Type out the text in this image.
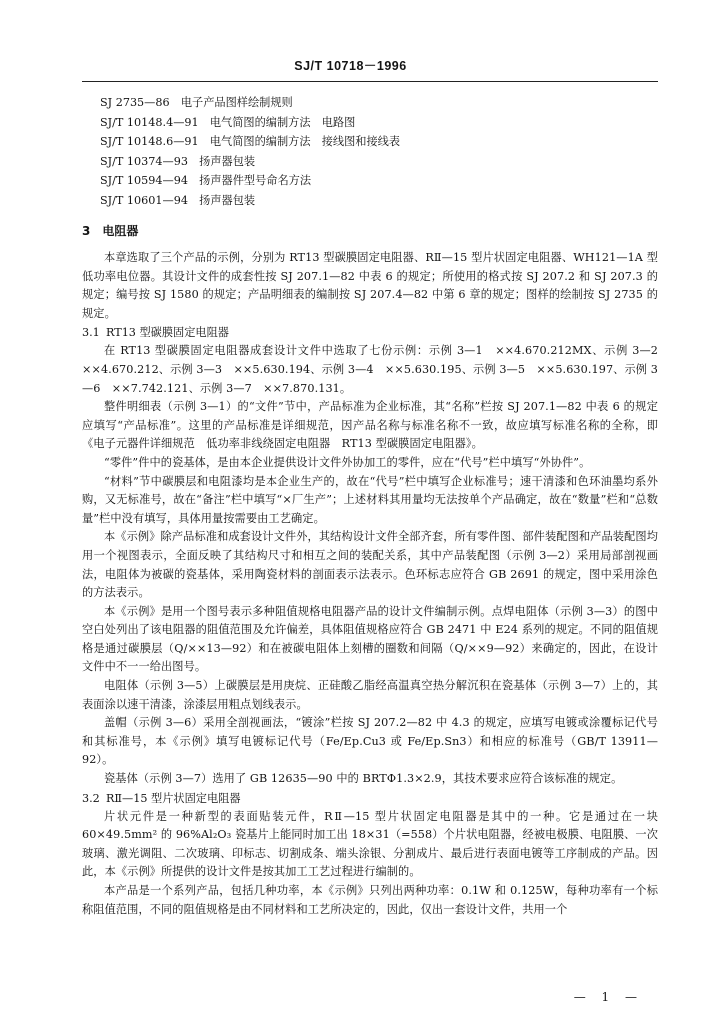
SJ/T 10718－1996
SJ 2735—86　 电子产品图样绘制规则
SJ/T 10148.4—91　 电气简图的编制方法　电路图
SJ/T 10148.6—91　 电气简图的编制方法　接线图和接线表
SJ/T 10374—93　 扬声器包装
SJ/T 10594—94　 扬声器件型号命名方法
SJ/T 10601—94　 扬声器包装
3　 电阻器

本章选取了三个产品的示例，分别为 RT13 型碳膜固定电阻器、RⅡ—15 型片状固定电阻器、WH121—1A 型低功率电位器。其设计文件的成套性按 SJ 207.1—82 中表 6 的规定；所使用的格式按 SJ 207.2 和 SJ 207.3 的规定；编号按 SJ 1580 的规定；产品明细表的编制按 SJ 207.4—82 中第 6 章的规定；图样的绘制按 SJ 2735 的规定。

3.1 RT13 型碳膜固定电阻器

在 RT13 型碳膜固定电阻器成套设计文件中选取了七份示例：示例 3—1　××4.670.212MX、示例 3—2　××4.670.212、示例 3—3　××5.630.194、示例 3—4　××5.630.195、示例 3—5　××5.630.197、示例 3—6　××7.742.121、示例 3—7　××7.870.131。

整件明细表（示例 3—1）的“文件”节中，产品标准为企业标准，其“名称”栏按 SJ 207.1—82 中表 6 的规定应填写“产品标准”。这里的产品标准是详细规范，因产品名称与标准名称不一致，故应填写标准名称的全称，即《电子元器件详细规范　低功率非线绕固定电阻器　RT13 型碳膜固定电阻器》。

“零件”件中的瓷基体，是由本企业提供设计文件外协加工的零件，应在“代号”栏中填写“外协件”。

“材料”节中碳膜层和电阻漆均是本企业生产的，故在“代号”栏中填写企业标准号；速干清漆和色环油墨均系外购，又无标准号，故在“备注”栏中填写“×厂生产”；上述材料其用量均无法按单个产品确定，故在“数量”栏和“总数量”栏中没有填写，具体用量按需要由工艺确定。

本《示例》除产品标准和成套设计文件外，其结构设计文件全部齐套，所有零件图、部件装配图和产品装配图均用一个视图表示，全面反映了其结构尺寸和相互之间的装配关系，其中产品装配图（示例 3—2）采用局部剖视画法，电阻体为被碳的瓷基体，采用陶瓷材料的剖面表示法表示。色环标志应符合 GB 2691 的规定，图中采用涂色的方法表示。

本《示例》是用一个图号表示多种阻值规格电阻器产品的设计文件编制示例。点焊电阻体（示例 3—3）的图中空白处列出了该电阻器的阻值范围及允许偏差，具体阻值规格应符合 GB 2471 中 E24 系列的规定。不同的阻值规格是通过碳膜层（Q/××13—92）和在被碳电阻体上刻槽的圈数和间隔（Q/××9—92）来确定的，因此，在设计文件中不一一给出图号。

电阻体（示例 3—5）上碳膜层是用庚烷、正硅酸乙脂经高温真空热分解沉积在瓷基体（示例 3—7）上的，其表面涂以速干清漆，涂漆层用粗点划线表示。

盖帽（示例 3—6）采用全剖视画法，“镀涂”栏按 SJ 207.2—82 中 4.3 的规定，应填写电镀或涂覆标记代号和其标准号，本《示例》填写电镀标记代号（Fe/Ep.Cu3 或 Fe/Ep.Sn3）和相应的标准号（GB/T 13911—92）。

瓷基体（示例 3—7）选用了 GB 12635—90 中的 BRTΦ1.3×2.9，其技术要求应符合该标准的规定。

3.2 RⅡ—15 型片状固定电阻器

片状元件是一种新型的表面贴装元件，RⅡ—15 型片状固定电阻器是其中的一种。它是通过在一块 60×49.5mm² 的 96%Al₂O₃ 瓷基片上能同时加工出 18×31（=558）个片状电阻器，经被电极膜、电阻膜、一次玻璃、激光调阻、二次玻璃、印标志、切割成条、端头涂银、分割成片、最后进行表面电镀等工序制成的产品。因此，本《示例》所提供的设计文件是按其加工工艺过程进行编制的。

本产品是一个系列产品，包括几种功率，本《示例》只列出两种功率：0.1W 和 0.125W，每种功率有一个标称阻值范围，不同的阻值规格是由不同材料和工艺所决定的，因此，仅出一套设计文件，共用一个

— 1 —
